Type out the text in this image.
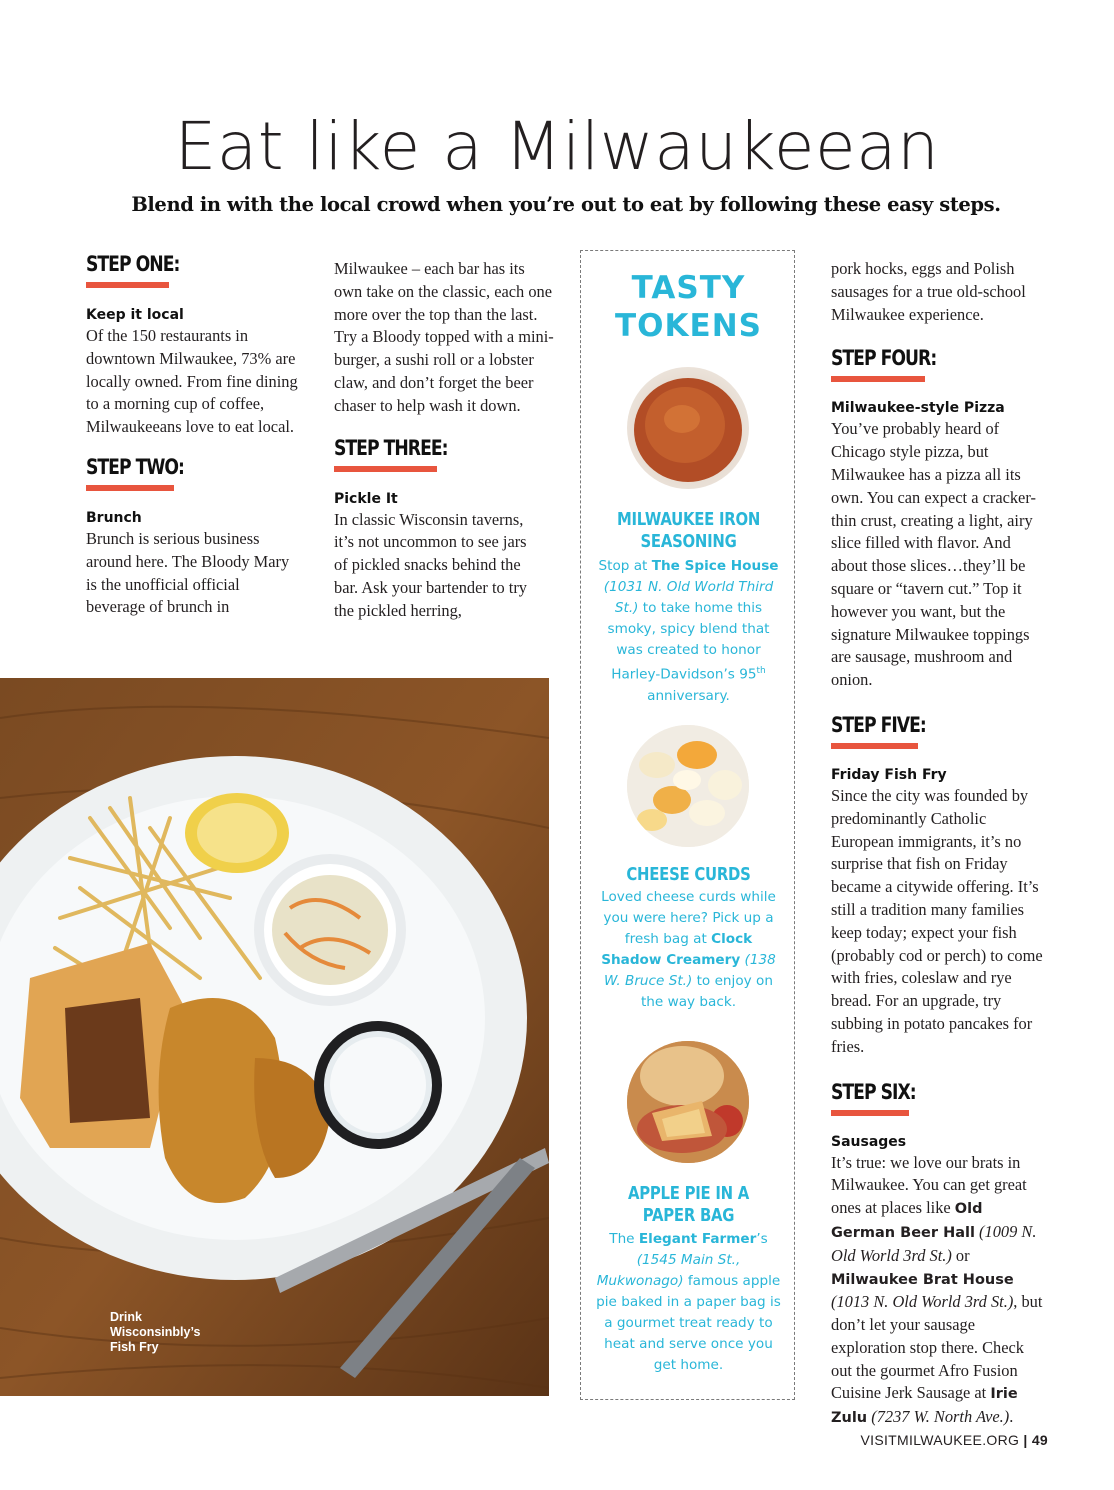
Eat like a Milwaukeean
Blend in with the local crowd when you’re out to eat by following these easy steps.
STEP ONE:
Keep it local

Of the 150 restaurants in downtown Milwaukee, 73% are locally owned. From fine dining to a morning cup of coffee, Milwaukeeans love to eat local.

STEP TWO:
Brunch

Brunch is serious business around here. The Bloody Mary is the unofficial official beverage of brunch in

Milwaukee – each bar has its own take on the classic, each one more over the top than the last. Try a Bloody topped with a mini-burger, a sushi roll or a lobster claw, and don’t forget the beer chaser to help wash it down.

STEP THREE:
Pickle It

In classic Wisconsin taverns, it’s not uncommon to see jars of pickled snacks behind the bar. Ask your bartender to try the pickled herring,

TASTY
TOKENS
MILWAUKEE IRON
SEASONING
Stop at The Spice House (1031 N. Old World Third St.) to take home this smoky, spicy blend that was created to honor Harley-Davidson’s 95th anniversary.
CHEESE CURDS
Loved cheese curds while you were here? Pick up a fresh bag at Clock Shadow Creamery (138 W. Bruce St.) to enjoy on the way back.
APPLE PIE IN A
PAPER BAG
The Elegant Farmer’s (1545 Main St., Mukwonago) famous apple pie baked in a paper bag is a gourmet treat ready to heat and serve once you get home.

pork hocks, eggs and Polish sausages for a true old-school Milwaukee experience.

STEP FOUR:
Milwaukee-style Pizza

You’ve probably heard of Chicago style pizza, but Milwaukee has a pizza all its own. You can expect a cracker-thin crust, creating a light, airy slice filled with flavor. And about those slices…they’ll be square or “tavern cut.” Top it however you want, but the signature Milwaukee toppings are sausage, mushroom and onion.

STEP FIVE:
Friday Fish Fry

Since the city was founded by predominantly Catholic European immigrants, it’s no surprise that fish on Friday became a citywide offering. It’s still a tradition many families keep today; expect your fish (probably cod or perch) to come with fries, coleslaw and rye bread. For an upgrade, try subbing in potato pancakes for fries.

STEP SIX:
Sausages

It’s true: we love our brats in Milwaukee. You can get great ones at places like Old German Beer Hall (1009 N. Old World 3rd St.) or Milwaukee Brat House (1013 N. Old World 3rd St.), but don’t let your sausage exploration stop there. Check out the gourmet Afro Fusion Cuisine Jerk Sausage at Irie Zulu (7237 W. North Ave.).

Drink
Wisconsinbly’s
Fish Fry
VISITMILWAUKEE.ORG | 49
